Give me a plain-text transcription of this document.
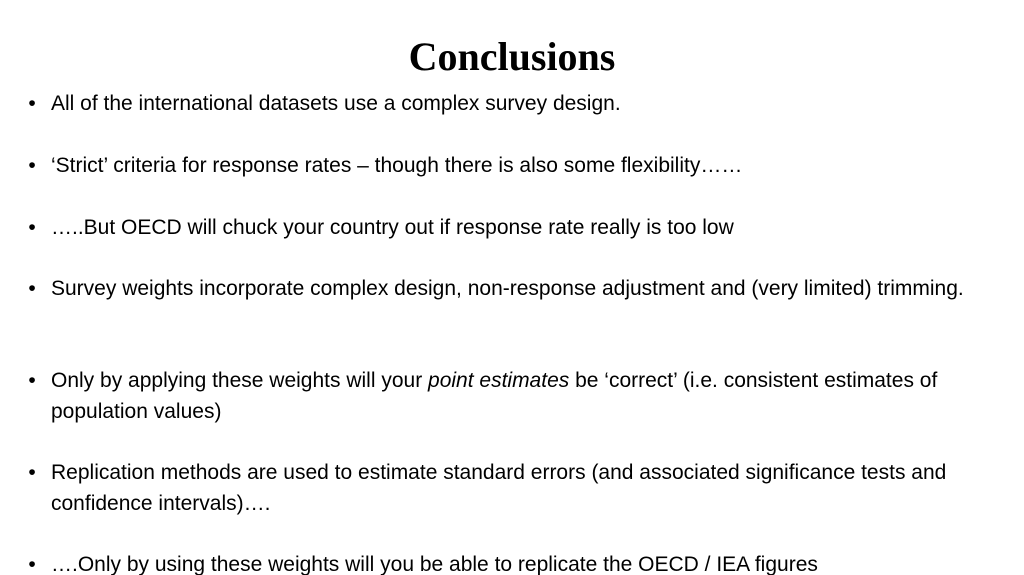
Conclusions
• All of the international datasets use a complex survey design.
• ‘Strict’ criteria for response rates – though there is also some flexibility……
• …..But OECD will chuck your country out if response rate really is too low
• Survey weights incorporate complex design, non-response adjustment and (very limited) trimming.
• Only by applying these weights will your point estimates be ‘correct’ (i.e. consistent estimates of population values)
• Replication methods are used to estimate standard errors (and associated significance tests and confidence intervals)….
• ….Only by using these weights will you be able to replicate the OECD / IEA figures
